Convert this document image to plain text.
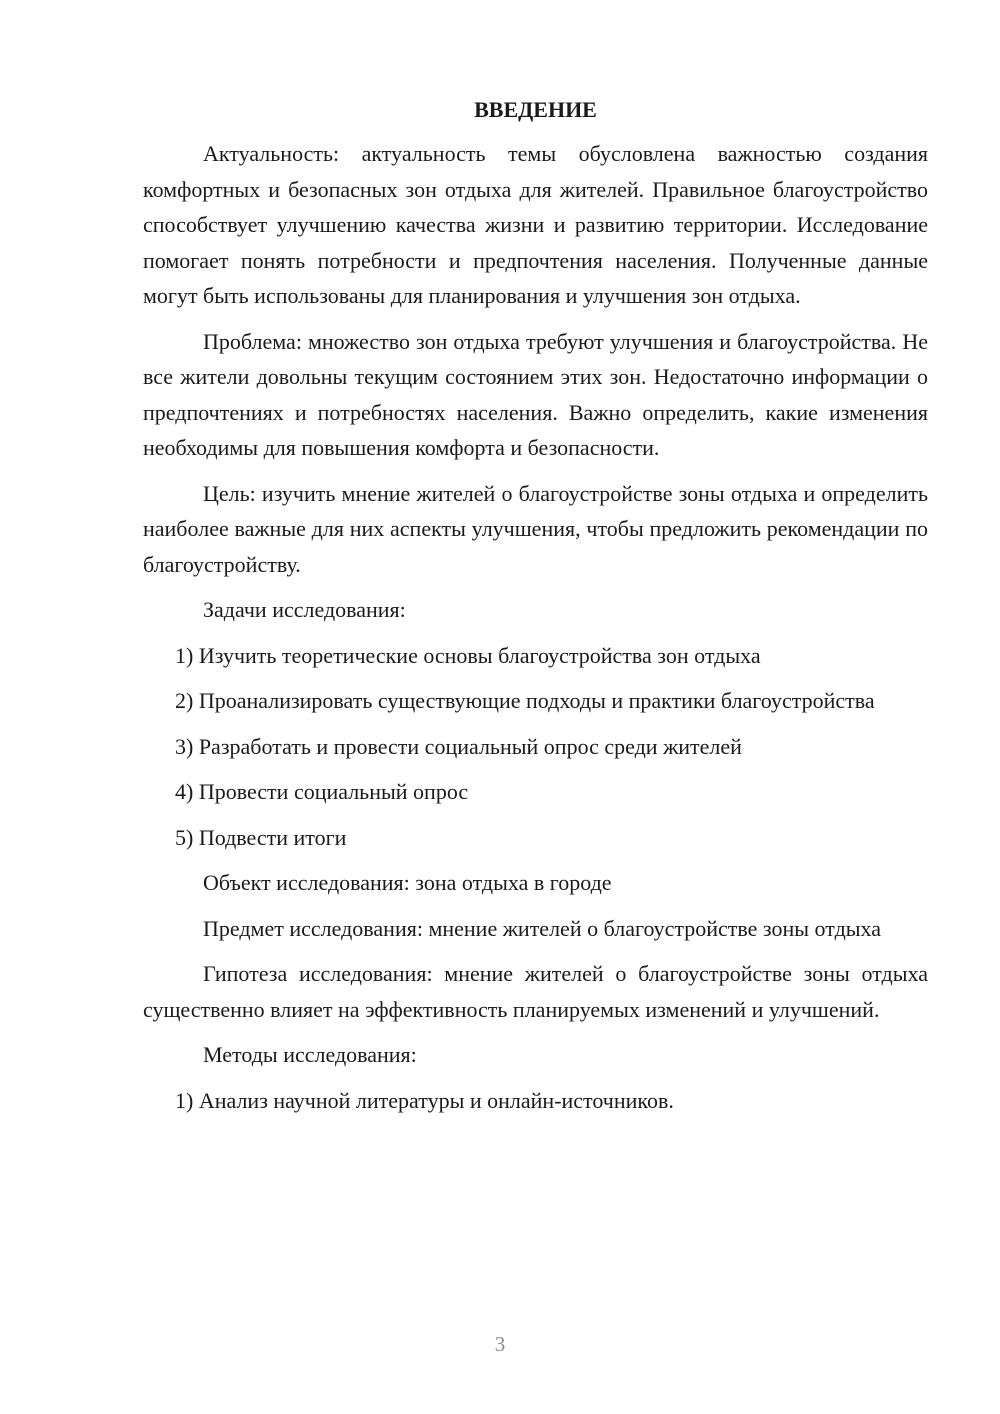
ВВЕДЕНИЕ

Актуальность: актуальность темы обусловлена важностью создания комфортных и безопасных зон отдыха для жителей. Правильное благоустройство способствует улучшению качества жизни и развитию территории. Исследование помогает понять потребности и предпочтения населения. Полученные данные могут быть использованы для планирования и улучшения зон отдыха.

Проблема: множество зон отдыха требуют улучшения и благоустройства. Не все жители довольны текущим состоянием этих зон. Недостаточно информации о предпочтениях и потребностях населения. Важно определить, какие изменения необходимы для повышения комфорта и безопасности.

Цель: изучить мнение жителей о благоустройстве зоны отдыха и определить наиболее важные для них аспекты улучшения, чтобы предложить рекомендации по благоустройству.

Задачи исследования:

1) Изучить теоретические основы благоустройства зон отдыха

2) Проанализировать существующие подходы и практики благоустройства

3) Разработать и провести социальный опрос среди жителей

4) Провести социальный опрос

5) Подвести итоги

Объект исследования: зона отдыха в городе

Предмет исследования: мнение жителей о благоустройстве зоны отдыха

Гипотеза исследования: мнение жителей о благоустройстве зоны отдыха существенно влияет на эффективность планируемых изменений и улучшений.

Методы исследования:

1) Анализ научной литературы и онлайн-источников.

3
